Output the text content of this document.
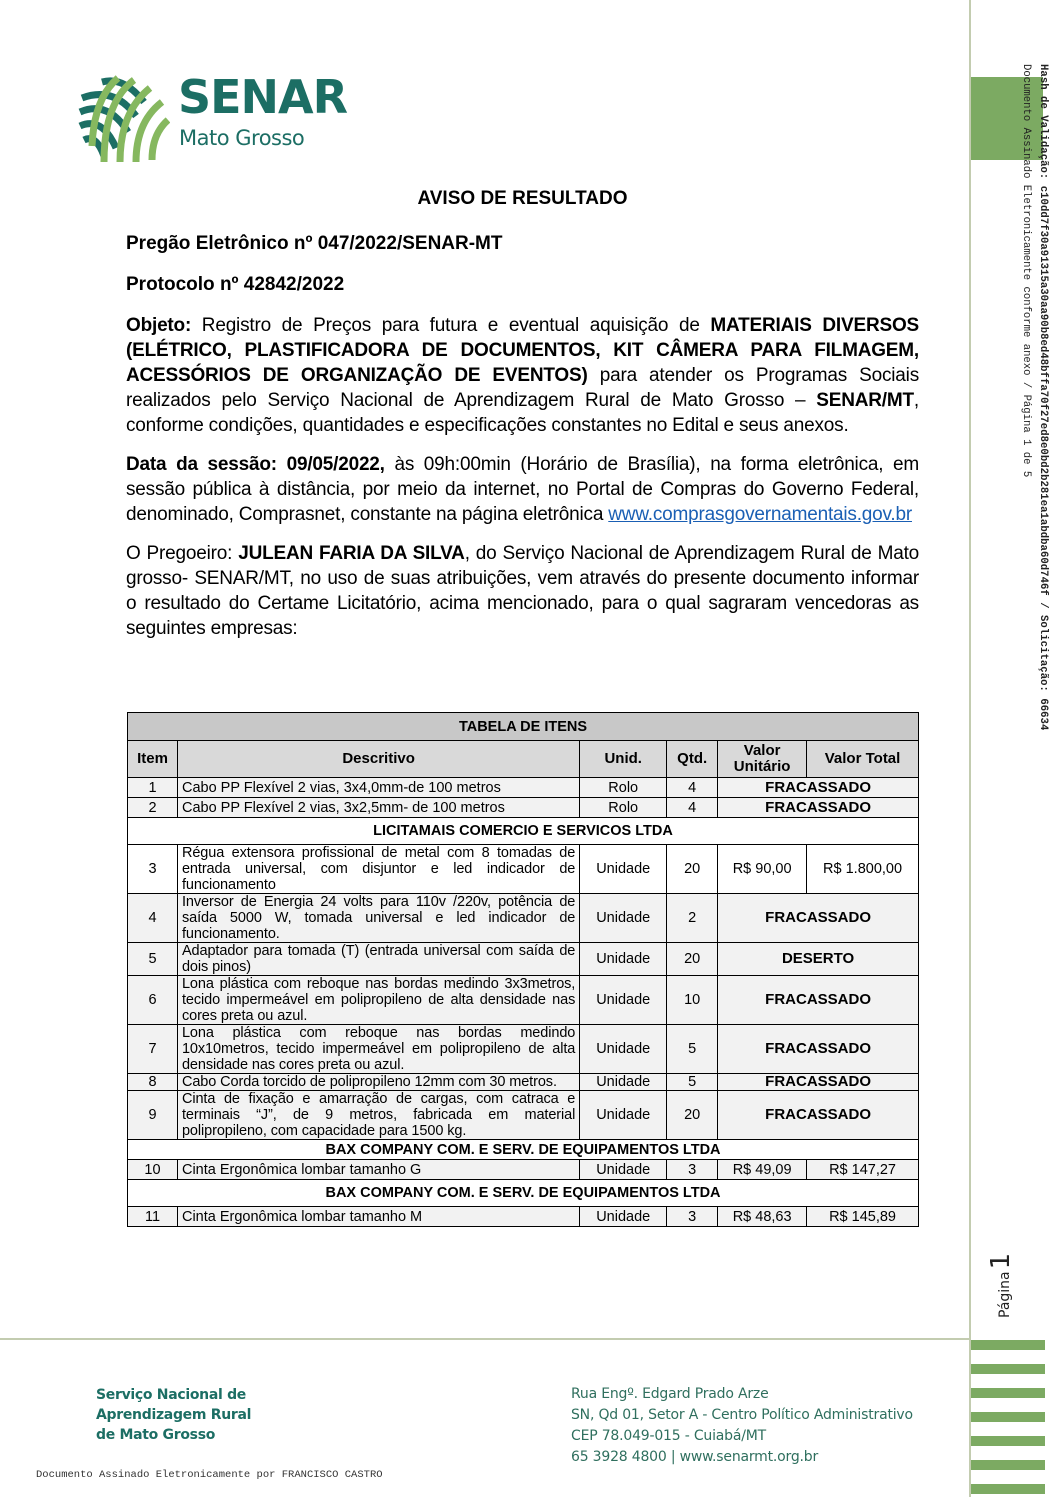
SENAR
Mato Grosso	Hash de Validação: c10dd7f30a91315a30aa90b8ed48bffa70f27ed8e0bd2b281ea1abdba60d746f / Solicitação: 66634
Documento Assinado Eletronicamente conforme anexo / Página 1 de 5
Página1
AVISO DE RESULTADO
Pregão Eletrônico nº 047/2022/SENAR-MT
Protocolo nº 42842/2022

Objeto: Registro de Preços para futura e eventual aquisição de MATERIAIS DIVERSOS (ELÉTRICO, PLASTIFICADORA DE DOCUMENTOS, KIT CÂMERA PARA FILMAGEM, ACESSÓRIOS DE ORGANIZAÇÃO DE EVENTOS) para atender os Programas Sociais realizados pelo Serviço Nacional de Aprendizagem Rural de Mato Grosso – SENAR/MT, conforme condições, quantidades e especificações constantes no Edital e seus anexos.

Data da sessão: 09/05/2022, às 09h:00min (Horário de Brasília), na forma eletrônica, em sessão pública à distância, por meio da internet, no Portal de Compras do Governo Federal, denominado, Comprasnet, constante na página eletrônica www.comprasgovernamentais.gov.br

O Pregoeiro: JULEAN FARIA DA SILVA, do Serviço Nacional de Aprendizagem Rural de Mato grosso- SENAR/MT, no uso de suas atribuições, vem através do presente documento informar o resultado do Certame Licitatório, acima mencionado, para o qual sagraram vencedoras as seguintes empresas:

TABELA DE ITENS					
Item	Descritivo	Unid.	Qtd.	Valor Unitário	Valor Total
1	Cabo PP Flexível 2 vias, 3x4,0mm-de 100 metros	Rolo	4	FRACASSADO	
2	Cabo PP Flexível 2 vias, 3x2,5mm- de 100 metros	Rolo	4	FRACASSADO	
LICITAMAIS COMERCIO E SERVICOS LTDA					
3	Régua extensora profissional de metal com 8 tomadas de entrada universal, com disjuntor e led indicador de funcionamento	Unidade	20	R$ 90,00	R$ 1.800,00
4	Inversor de Energia 24 volts para 110v /220v, potência de saída 5000 W, tomada universal e led indicador de funcionamento.	Unidade	2	FRACASSADO	
5	Adaptador para tomada (T) (entrada universal com saída de dois pinos)	Unidade	20	DESERTO	
6	Lona plástica com reboque nas bordas medindo 3x3metros, tecido impermeável em polipropileno de alta densidade nas cores preta ou azul.	Unidade	10	FRACASSADO	
7	Lona plástica com reboque nas bordas medindo 10x10metros, tecido impermeável em polipropileno de alta densidade nas cores preta ou azul.	Unidade	5	FRACASSADO	
8	Cabo Corda torcido de polipropileno 12mm com 30 metros.	Unidade	5	FRACASSADO	
9	Cinta de fixação e amarração de cargas, com catraca e terminais “J”, de 9 metros, fabricada em material polipropileno, com capacidade para 1500 kg.	Unidade	20	FRACASSADO	
BAX COMPANY COM. E SERV. DE EQUIPAMENTOS LTDA					
10	Cinta Ergonômica lombar tamanho G	Unidade	3	R$ 49,09	R$ 147,27
BAX COMPANY COM. E SERV. DE EQUIPAMENTOS LTDA					
11	Cinta Ergonômica lombar tamanho M	Unidade	3	R$ 48,63	R$ 145,89
Serviço Nacional de
Aprendizagem Rural
de Mato Grosso
Rua Engº. Edgard Prado Arze
SN, Qd 01, Setor A - Centro Político Administrativo
CEP 78.049-015 - Cuiabá/MT
65 3928 4800 | www.senarmt.org.br
Documento Assinado Eletronicamente por FRANCISCO CASTRO
